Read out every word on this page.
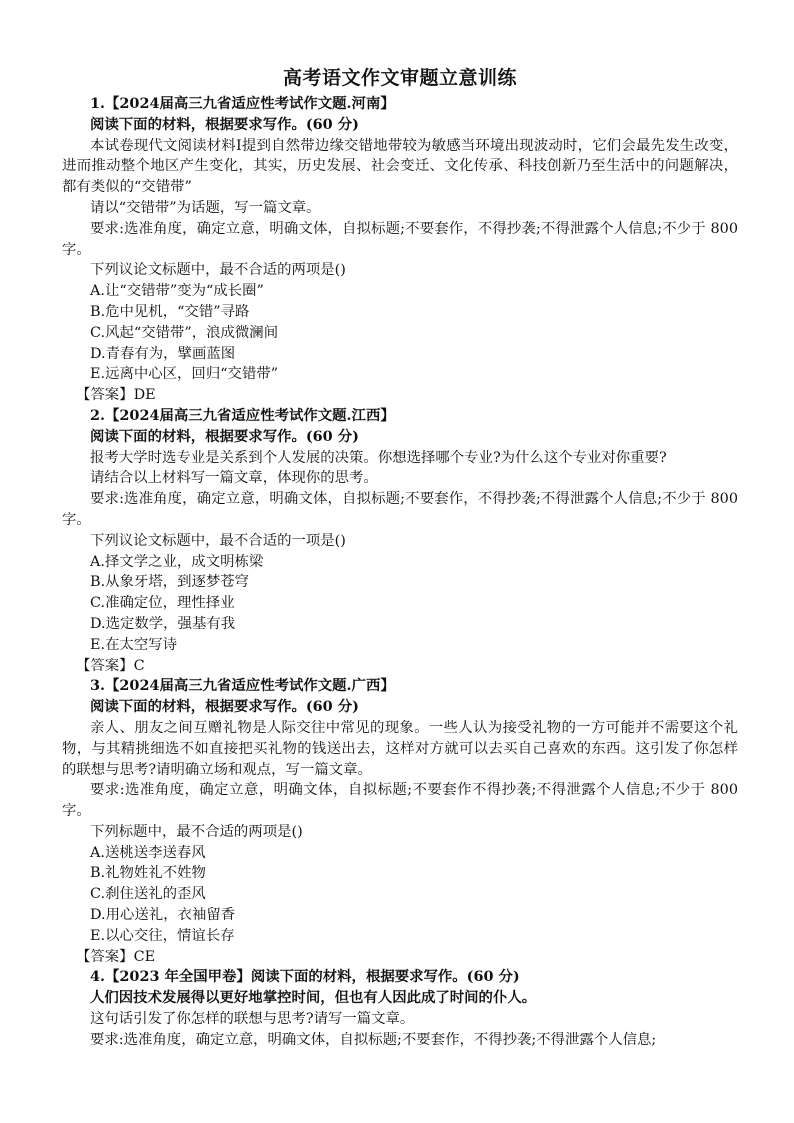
高考语文作文审题立意训练

1.【2024届高三九省适应性考试作文题.河南】

阅读下面的材料，根据要求写作。(60 分)

本试卷现代文阅读材料Ⅰ提到自然带边缘交错地带较为敏感当环境出现波动时，它们会最先发生改变，进而推动整个地区产生变化，其实，历史发展、社会变迁、文化传承、科技创新乃至生活中的问题解决，都有类似的“交错带”

请以“交错带”为话题，写一篇文章。

要求:选准角度，确定立意，明确文体，自拟标题;不要套作，不得抄袭;不得泄露个人信息;不少于 800 字。

下列议论文标题中，最不合适的两项是()

A.让“交错带”变为“成长圈”

B.危中见机，“交错”寻路

C.风起“交错带”，浪成微澜间

D.青春有为，擘画蓝图

E.远离中心区，回归“交错带”

【答案】DE

2.【2024届高三九省适应性考试作文题.江西】

阅读下面的材料，根据要求写作。(60 分)

报考大学时选专业是关系到个人发展的决策。你想选择哪个专业?为什么这个专业对你重要?

请结合以上材料写一篇文章，体现你的思考。

要求:选准角度，确定立意，明确文体，自拟标题;不要套作，不得抄袭;不得泄露个人信息;不少于 800 字。

下列议论文标题中，最不合适的一项是()

A.择文学之业，成文明栋梁

B.从象牙塔，到逐梦苍穹

C.准确定位，理性择业

D.选定数学，强基有我

E.在太空写诗

【答案】C

3.【2024届高三九省适应性考试作文题.广西】

阅读下面的材料，根据要求写作。(60 分)

亲人、朋友之间互赠礼物是人际交往中常见的现象。一些人认为接受礼物的一方可能并不需要这个礼物，与其精挑细选不如直接把买礼物的钱送出去，这样对方就可以去买自己喜欢的东西。这引发了你怎样的联想与思考?请明确立场和观点，写一篇文章。

要求:选准角度，确定立意，明确文体，自拟标题;不要套作不得抄袭;不得泄露个人信息;不少于 800 字。

下列标题中，最不合适的两项是()

A.送桃送李送春风

B.礼物姓礼不姓物

C.刹住送礼的歪风

D.用心送礼，衣袖留香

E.以心交往，情谊长存

【答案】CE

4.【2023 年全国甲卷】阅读下面的材料，根据要求写作。(60 分)

人们因技术发展得以更好地掌控时间，但也有人因此成了时间的仆人。

这句话引发了你怎样的联想与思考?请写一篇文章。

要求:选准角度，确定立意，明确文体，自拟标题;不要套作，不得抄袭;不得泄露个人信息;
